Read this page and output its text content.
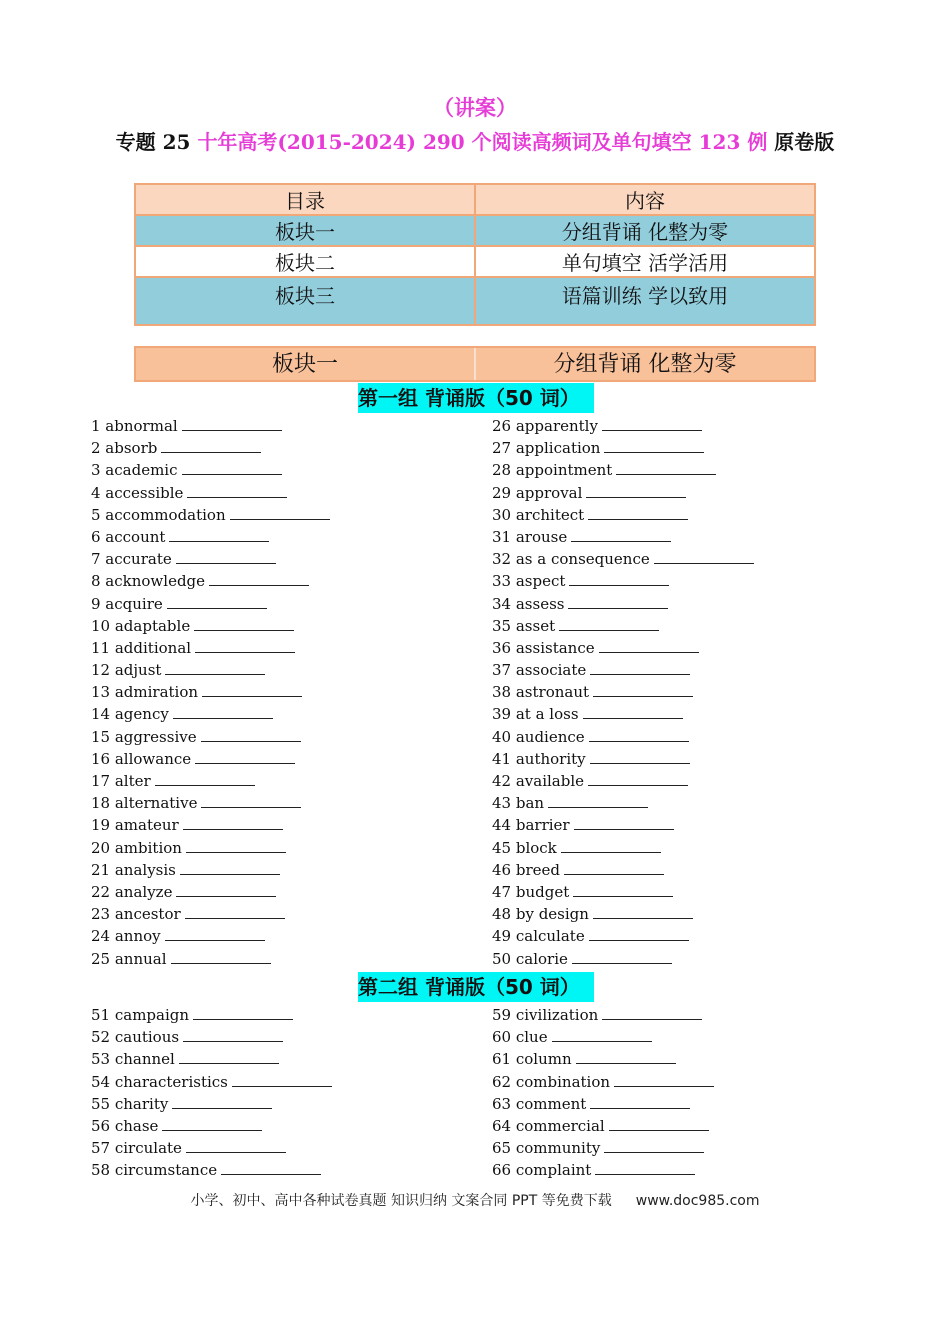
（讲案）
专题 25 十年高考(2015-2024) 290 个阅读高频词及单句填空 123 例 原卷版
目录	内容
板块一	分组背诵 化整为零
板块二	单句填空 活学活用
板块三	语篇训练 学以致用
板块一	分组背诵 化整为零
第一组 背诵版（50 词）
1 abnormal
2 absorb
3 academic
4 accessible
5 accommodation
6 account
7 accurate
8 acknowledge
9 acquire
10 adaptable
11 additional
12 adjust
13 admiration
14 agency
15 aggressive
16 allowance
17 alter
18 alternative
19 amateur
20 ambition
21 analysis
22 analyze
23 ancestor
24 annoy
25 annual
26 apparently
27 application
28 appointment
29 approval
30 architect
31 arouse
32 as a consequence
33 aspect
34 assess
35 asset
36 assistance
37 associate
38 astronaut
39 at a loss
40 audience
41 authority
42 available
43 ban
44 barrier
45 block
46 breed
47 budget
48 by design
49 calculate
50 calorie
第二组 背诵版（50 词）
51 campaign
52 cautious
53 channel
54 characteristics
55 charity
56 chase
57 circulate
58 circumstance
59 civilization
60 clue
61 column
62 combination
63 comment
64 commercial
65 community
66 complaint
小学、初中、高中各种试卷真题 知识归纳 文案合同 PPT 等免费下载 www.doc985.com
